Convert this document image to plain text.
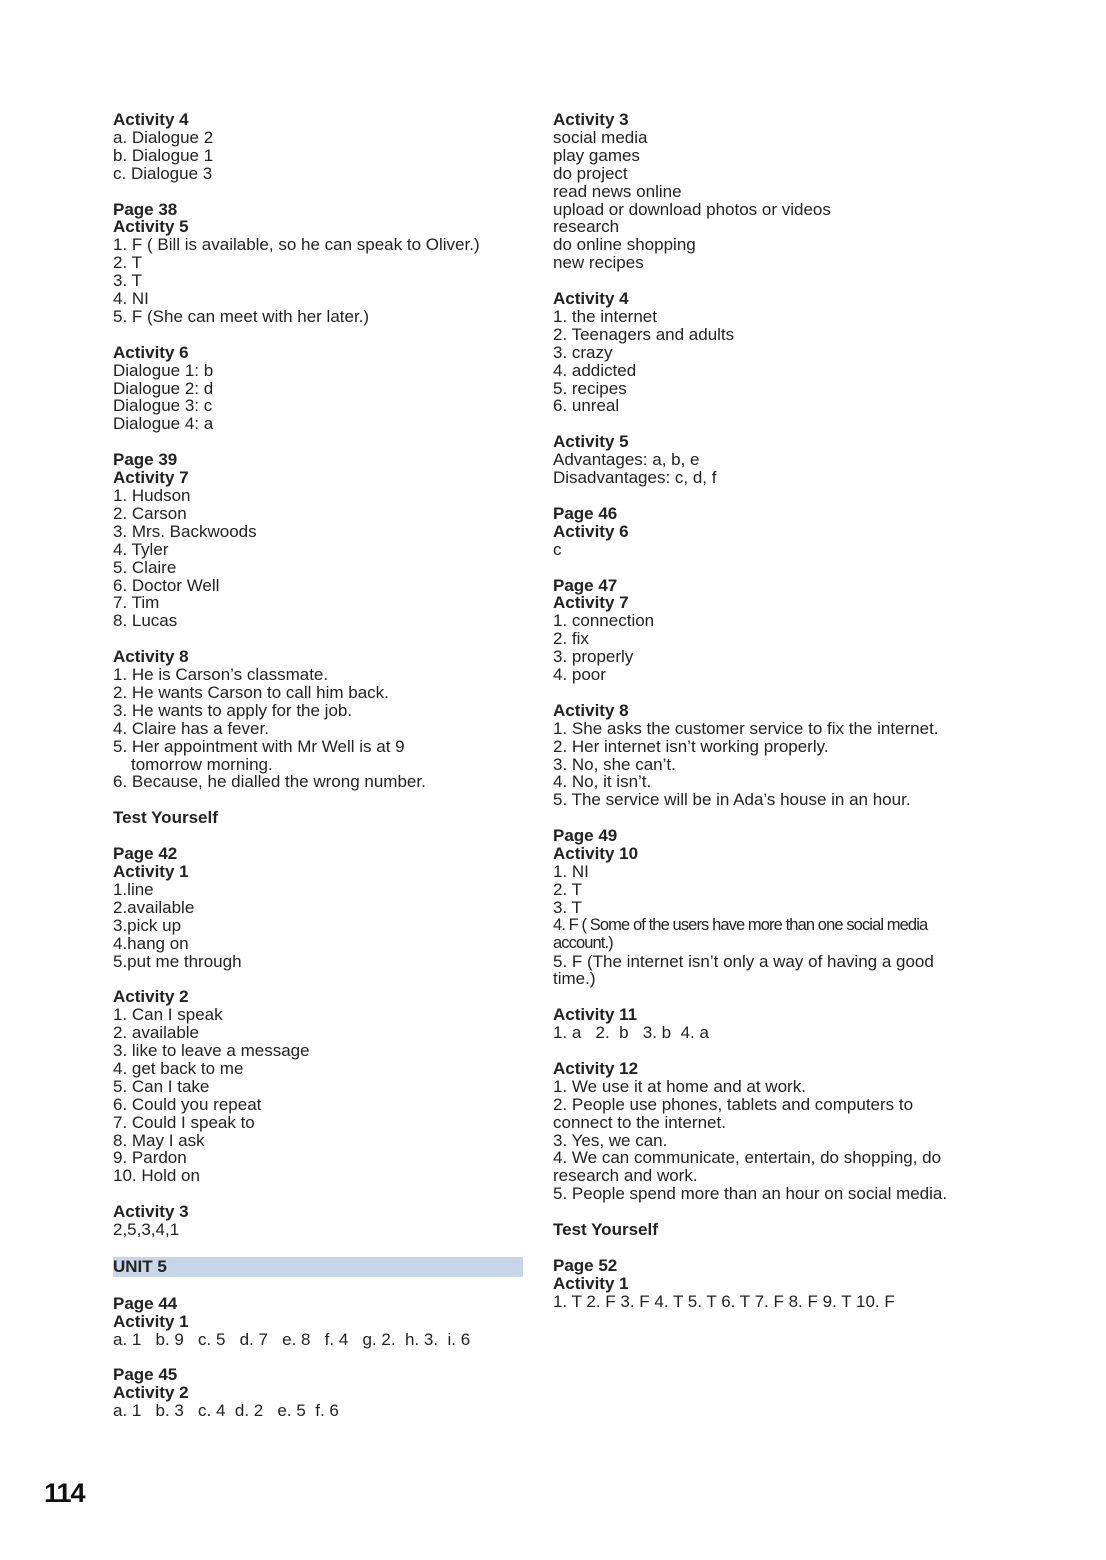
Activity 4
a. Dialogue 2
b. Dialogue 1
c. Dialogue 3
Page 38
Activity 5
1. F ( Bill is available, so he can speak to Oliver.)
2. T
3. T
4. NI
5. F (She can meet with her later.)
Activity 6
Dialogue 1: b
Dialogue 2: d
Dialogue 3: c
Dialogue 4: a
Page 39
Activity 7
1. Hudson
2. Carson
3. Mrs. Backwoods
4. Tyler
5. Claire
6. Doctor Well
7. Tim
8. Lucas
Activity 8
1. He is Carson’s classmate.
2. He wants Carson to call him back.
3. He wants to apply for the job.
4. Claire has a fever.
5. Her appointment with Mr Well is at 9
tomorrow morning.
6. Because, he dialled the wrong number.
Test Yourself
Page 42
Activity 1
1.line
2.available
3.pick up
4.hang on
5.put me through
Activity 2
1. Can I speak
2. available
3. like to leave a message
4. get back to me
5. Can I take
6. Could you repeat
7. Could I speak to
8. May I ask
9. Pardon
10. Hold on
Activity 3
2,5,3,4,1
UNIT 5
Page 44
Activity 1
a. 1   b. 9   c. 5   d. 7   e. 8   f. 4   g. 2.  h. 3.  i. 6
Page 45
Activity 2
a. 1   b. 3   c. 4  d. 2   e. 5  f. 6
Activity 3
social media
play games
do project
read news online
upload or download photos or videos
research
do online shopping
new recipes
Activity 4
1. the internet
2. Teenagers and adults
3. crazy
4. addicted
5. recipes
6. unreal
Activity 5
Advantages: a, b, e
Disadvantages: c, d, f
Page 46
Activity 6
c
Page 47
Activity 7
1. connection
2. fix
3. properly
4. poor
Activity 8
1. She asks the customer service to fix the internet.
2. Her internet isn’t working properly.
3. No, she can’t.
4. No, it isn’t.
5. The service will be in Ada’s house in an hour.
Page 49
Activity 10
1. NI
2. T
3. T
4. F ( Some of the users have more than one social media
account.)
5. F (The internet isn’t only a way of having a good
time.)
Activity 11
1. a   2.  b   3. b  4. a
Activity 12
1. We use it at home and at work.
2. People use phones, tablets and computers to
connect to the internet.
3. Yes, we can.
4. We can communicate, entertain, do shopping, do
research and work.
5. People spend more than an hour on social media.
Test Yourself
Page 52
Activity 1
1. T 2. F 3. F 4. T 5. T 6. T 7. F 8. F 9. T 10. F
114
